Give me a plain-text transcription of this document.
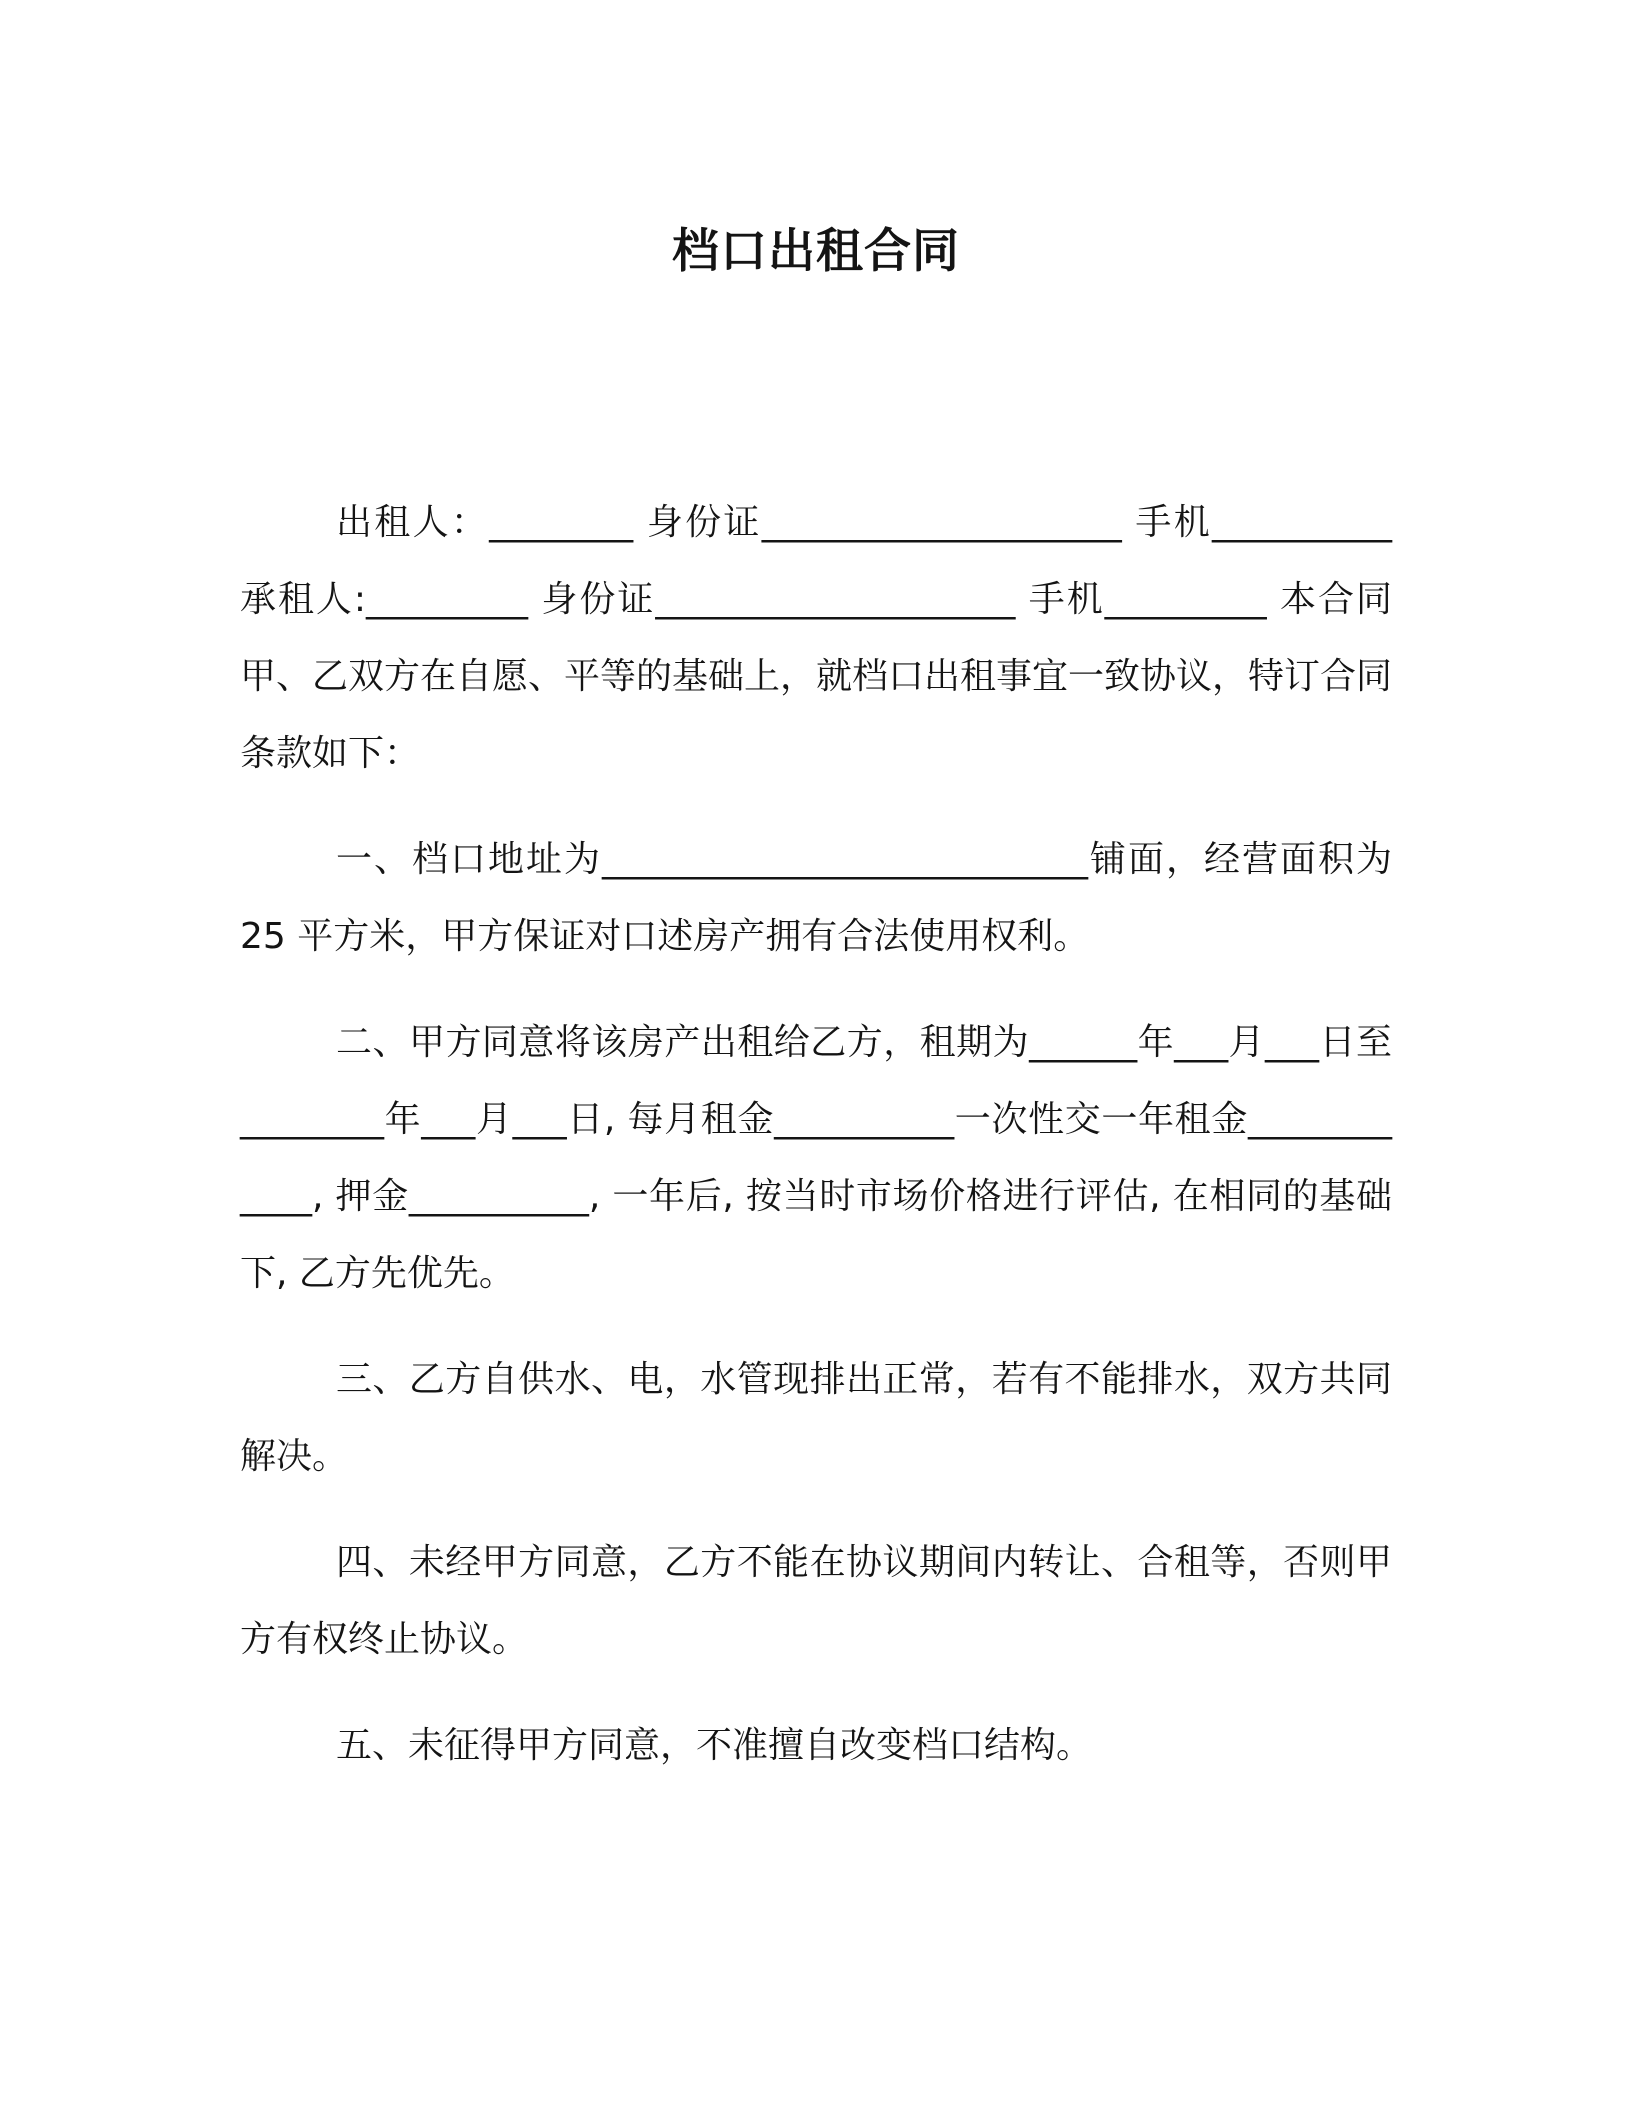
档口出租合同

出租人：________ 身份证____________________ 手机__________ 承租人:_________ 身份证____________________ 手机_________ 本合同甲、乙双方在自愿、平等的基础上，就档口出租事宜一致协议，特订合同条款如下：

一、档口地址为___________________________铺面，经营面积为 25 平方米，甲方保证对口述房产拥有合法使用权利。

二、甲方同意将该房产出租给乙方，租期为______年___月___日至________年___月___日, 每月租金__________一次性交一年租金____________, 押金__________, 一年后, 按当时市场价格进行评估, 在相同的基础下, 乙方先优先。

三、乙方自供水、电，水管现排出正常，若有不能排水，双方共同解决。

四、未经甲方同意，乙方不能在协议期间内转让、合租等，否则甲方有权终止协议。

五、未征得甲方同意，不准擅自改变档口结构。
